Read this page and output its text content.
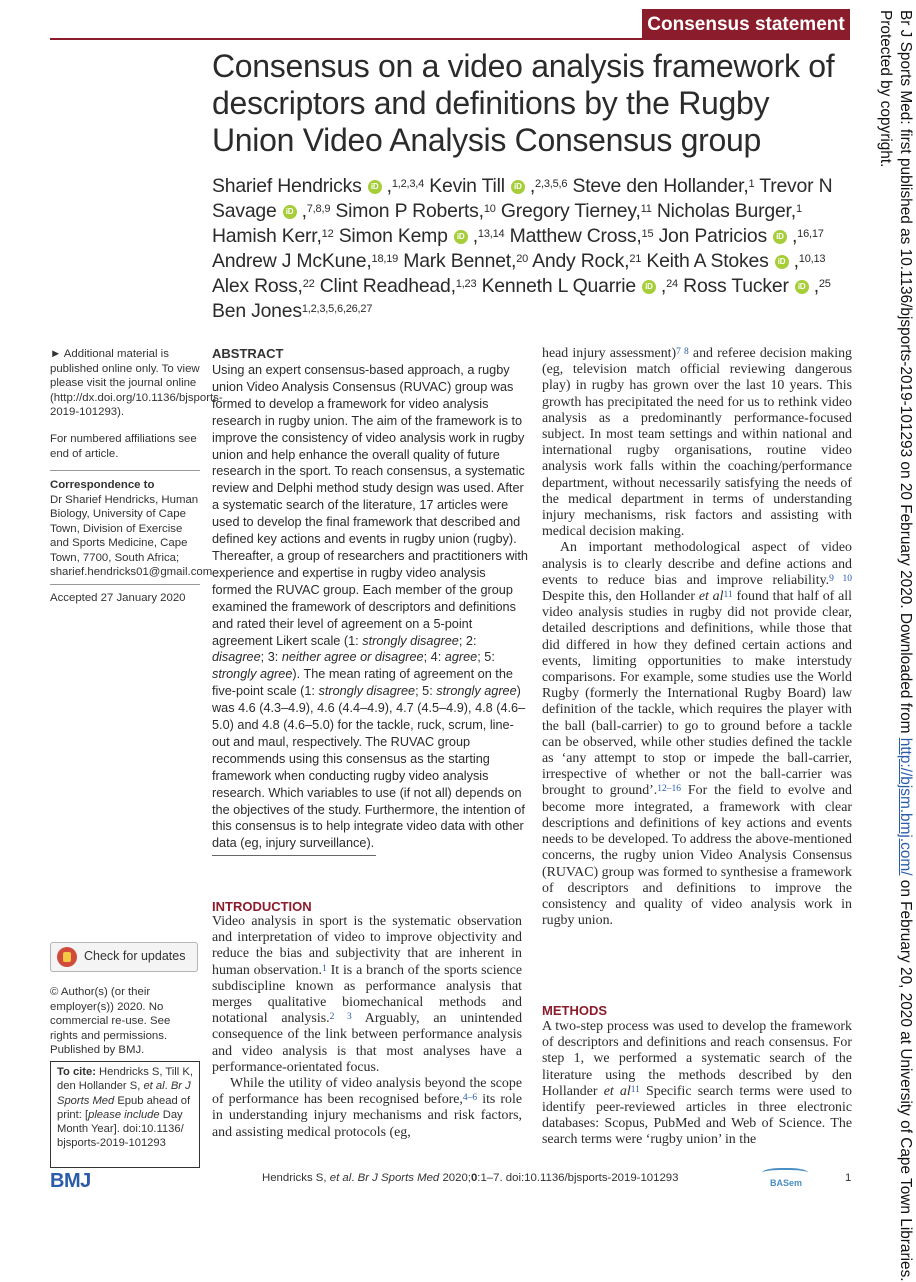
Consensus statement
Consensus on a video analysis framework of descriptors and definitions by the Rugby Union Video Analysis Consensus group
Sharief Hendricks iD ,$^{1,2,3,4}$ Kevin Till iD ,$^{2,3,5,6}$ Steve den Hollander,$^1$ Trevor N Savage iD ,$^{7,8,9}$ Simon P Roberts,$^{10}$ Gregory Tierney,$^{11}$ Nicholas Burger,$^1$ Hamish Kerr,$^{12}$ Simon Kemp iD ,$^{13,14}$ Matthew Cross,$^{15}$ Jon Patricios iD ,$^{16,17}$ Andrew J McKune,$^{18,19}$ Mark Bennet,$^{20}$ Andy Rock,$^{21}$ Keith A Stokes iD ,$^{10,13}$ Alex Ross,$^{22}$ Clint Readhead,$^{1,23}$ Kenneth L Quarrie iD ,$^{24}$ Ross Tucker iD ,$^{25}$ Ben Jones$^{1,2,3,5,6,26,27}$

► Additional material is published online only. To view please visit the journal online (http://dx.doi.org/10.1136/bjsports-2019-101293).

For numbered affiliations see end of article.

Correspondence to

Dr Sharief Hendricks, Human Biology, University of Cape Town, Division of Exercise and Sports Medicine, Cape Town, 7700, South Africa; sharief.hendricks01@gmail.com

Accepted 27 January 2020

Check for updates

© Author(s) (or their employer(s)) 2020. No commercial re-use. See rights and permissions. Published by BMJ.

To cite: Hendricks S, Till K, den Hollander S, et al. Br J Sports Med Epub ahead of print: [please include Day Month Year]. doi:10.1136/ bjsports-2019-101293
ABSTRACT
Using an expert consensus-based approach, a rugby union Video Analysis Consensus (RUVAC) group was formed to develop a framework for video analysis research in rugby union. The aim of the framework is to improve the consistency of video analysis work in rugby union and help enhance the overall quality of future research in the sport. To reach consensus, a systematic review and Delphi method study design was used. After a systematic search of the literature, 17 articles were used to develop the final framework that described and defined key actions and events in rugby union (rugby). Thereafter, a group of researchers and practitioners with experience and expertise in rugby video analysis formed the RUVAC group. Each member of the group examined the framework of descriptors and definitions and rated their level of agreement on a 5-point agreement Likert scale (1: strongly disagree; 2: disagree; 3: neither agree or disagree; 4: agree; 5: strongly agree). The mean rating of agreement on the five-point scale (1: strongly disagree; 5: strongly agree) was 4.6 (4.3–4.9), 4.6 (4.4–4.9), 4.7 (4.5–4.9), 4.8 (4.6–5.0) and 4.8 (4.6–5.0) for the tackle, ruck, scrum, line-out and maul, respectively. The RUVAC group recommends using this consensus as the starting framework when conducting rugby video analysis research. Which variables to use (if not all) depends on the objectives of the study. Furthermore, the intention of this consensus is to help integrate video data with other data (eg, injury surveillance).
INTRODUCTION

Video analysis in sport is the systematic observation and interpretation of video to improve objectivity and reduce the bias and subjectivity that are inherent in human observation.$^1$ It is a branch of the sports science subdiscipline known as performance analysis that merges qualitative biomechanical methods and notational analysis.$^{2 3}$ Arguably, an unintended consequence of the link between performance analysis and video analysis is that most analyses have a performance-orientated focus.

While the utility of video analysis beyond the scope of performance has been recognised before,$^{4-6}$ its role in understanding injury mechanisms and risk factors, and assisting medical protocols (eg,

head injury assessment)$^{7 8}$ and referee decision making (eg, television match official reviewing dangerous play) in rugby has grown over the last 10 years. This growth has precipitated the need for us to rethink video analysis as a predominantly performance-focused subject. In most team settings and within national and international rugby organisations, routine video analysis work falls within the coaching/performance department, without necessarily satisfying the needs of the medical department in terms of understanding injury mechanisms, risk factors and assisting with medical decision making.

An important methodological aspect of video analysis is to clearly describe and define actions and events to reduce bias and improve reliability.$^{9 10}$ Despite this, den Hollander et al$^{11}$ found that half of all video analysis studies in rugby did not provide clear, detailed descriptions and definitions, while those that did differed in how they defined certain actions and events, limiting opportunities to make interstudy comparisons. For example, some studies use the World Rugby (formerly the International Rugby Board) law definition of the tackle, which requires the player with the ball (ball-carrier) to go to ground before a tackle can be observed, while other studies defined the tackle as ‘any attempt to stop or impede the ball-carrier, irrespective of whether or not the ball-carrier was brought to ground’.$^{12-16}$ For the field to evolve and become more integrated, a framework with clear descriptions and definitions of key actions and events needs to be developed. To address the above-mentioned concerns, the rugby union Video Analysis Consensus (RUVAC) group was formed to synthesise a framework of descriptors and definitions to improve the consistency and quality of video analysis work in rugby union.

METHODS

A two-step process was used to develop the framework of descriptors and definitions and reach consensus. For step 1, we performed a systematic search of the literature using the methods described by den Hollander et al$^{11}$ Specific search terms were used to identify peer-reviewed articles in three electronic databases: Scopus, PubMed and Web of Science. The search terms were ‘rugby union’ in the

BMJ	Hendricks S, et al. Br J Sports Med 2020;0:1–7. doi:10.1136/bjsports-2019-101293	BASem	1
Br J Sports Med: first published as 10.1136/bjsports-2019-101293 on 20 February 2020. Downloaded from http://bjsm.bmj.com/ on February 20, 2020 at University of Cape Town Libraries.
Protected by copyright.
